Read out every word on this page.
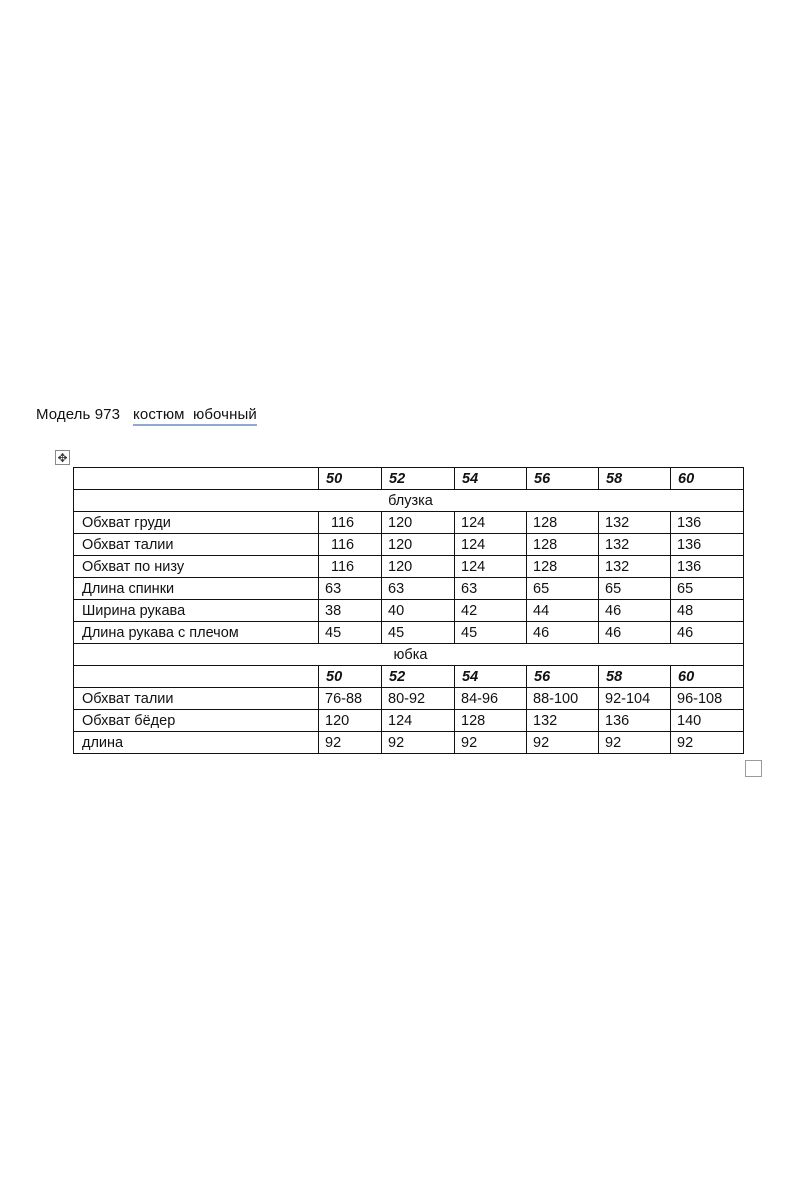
Модель 973 костюм  юбочный
✥
	50	52	54	56	58	60
блузка						
Обхват груди	116	120	124	128	132	136
Обхват талии	116	120	124	128	132	136
Обхват по низу	116	120	124	128	132	136
Длина спинки	63	63	63	65	65	65
Ширина рукава	38	40	42	44	46	48
Длина рукава с плечом	45	45	45	46	46	46
юбка						
	50	52	54	56	58	60
Обхват талии	76-88	80-92	84-96	88-100	92-104	96-108
Обхват бёдер	120	124	128	132	136	140
длина	92	92	92	92	92	92
